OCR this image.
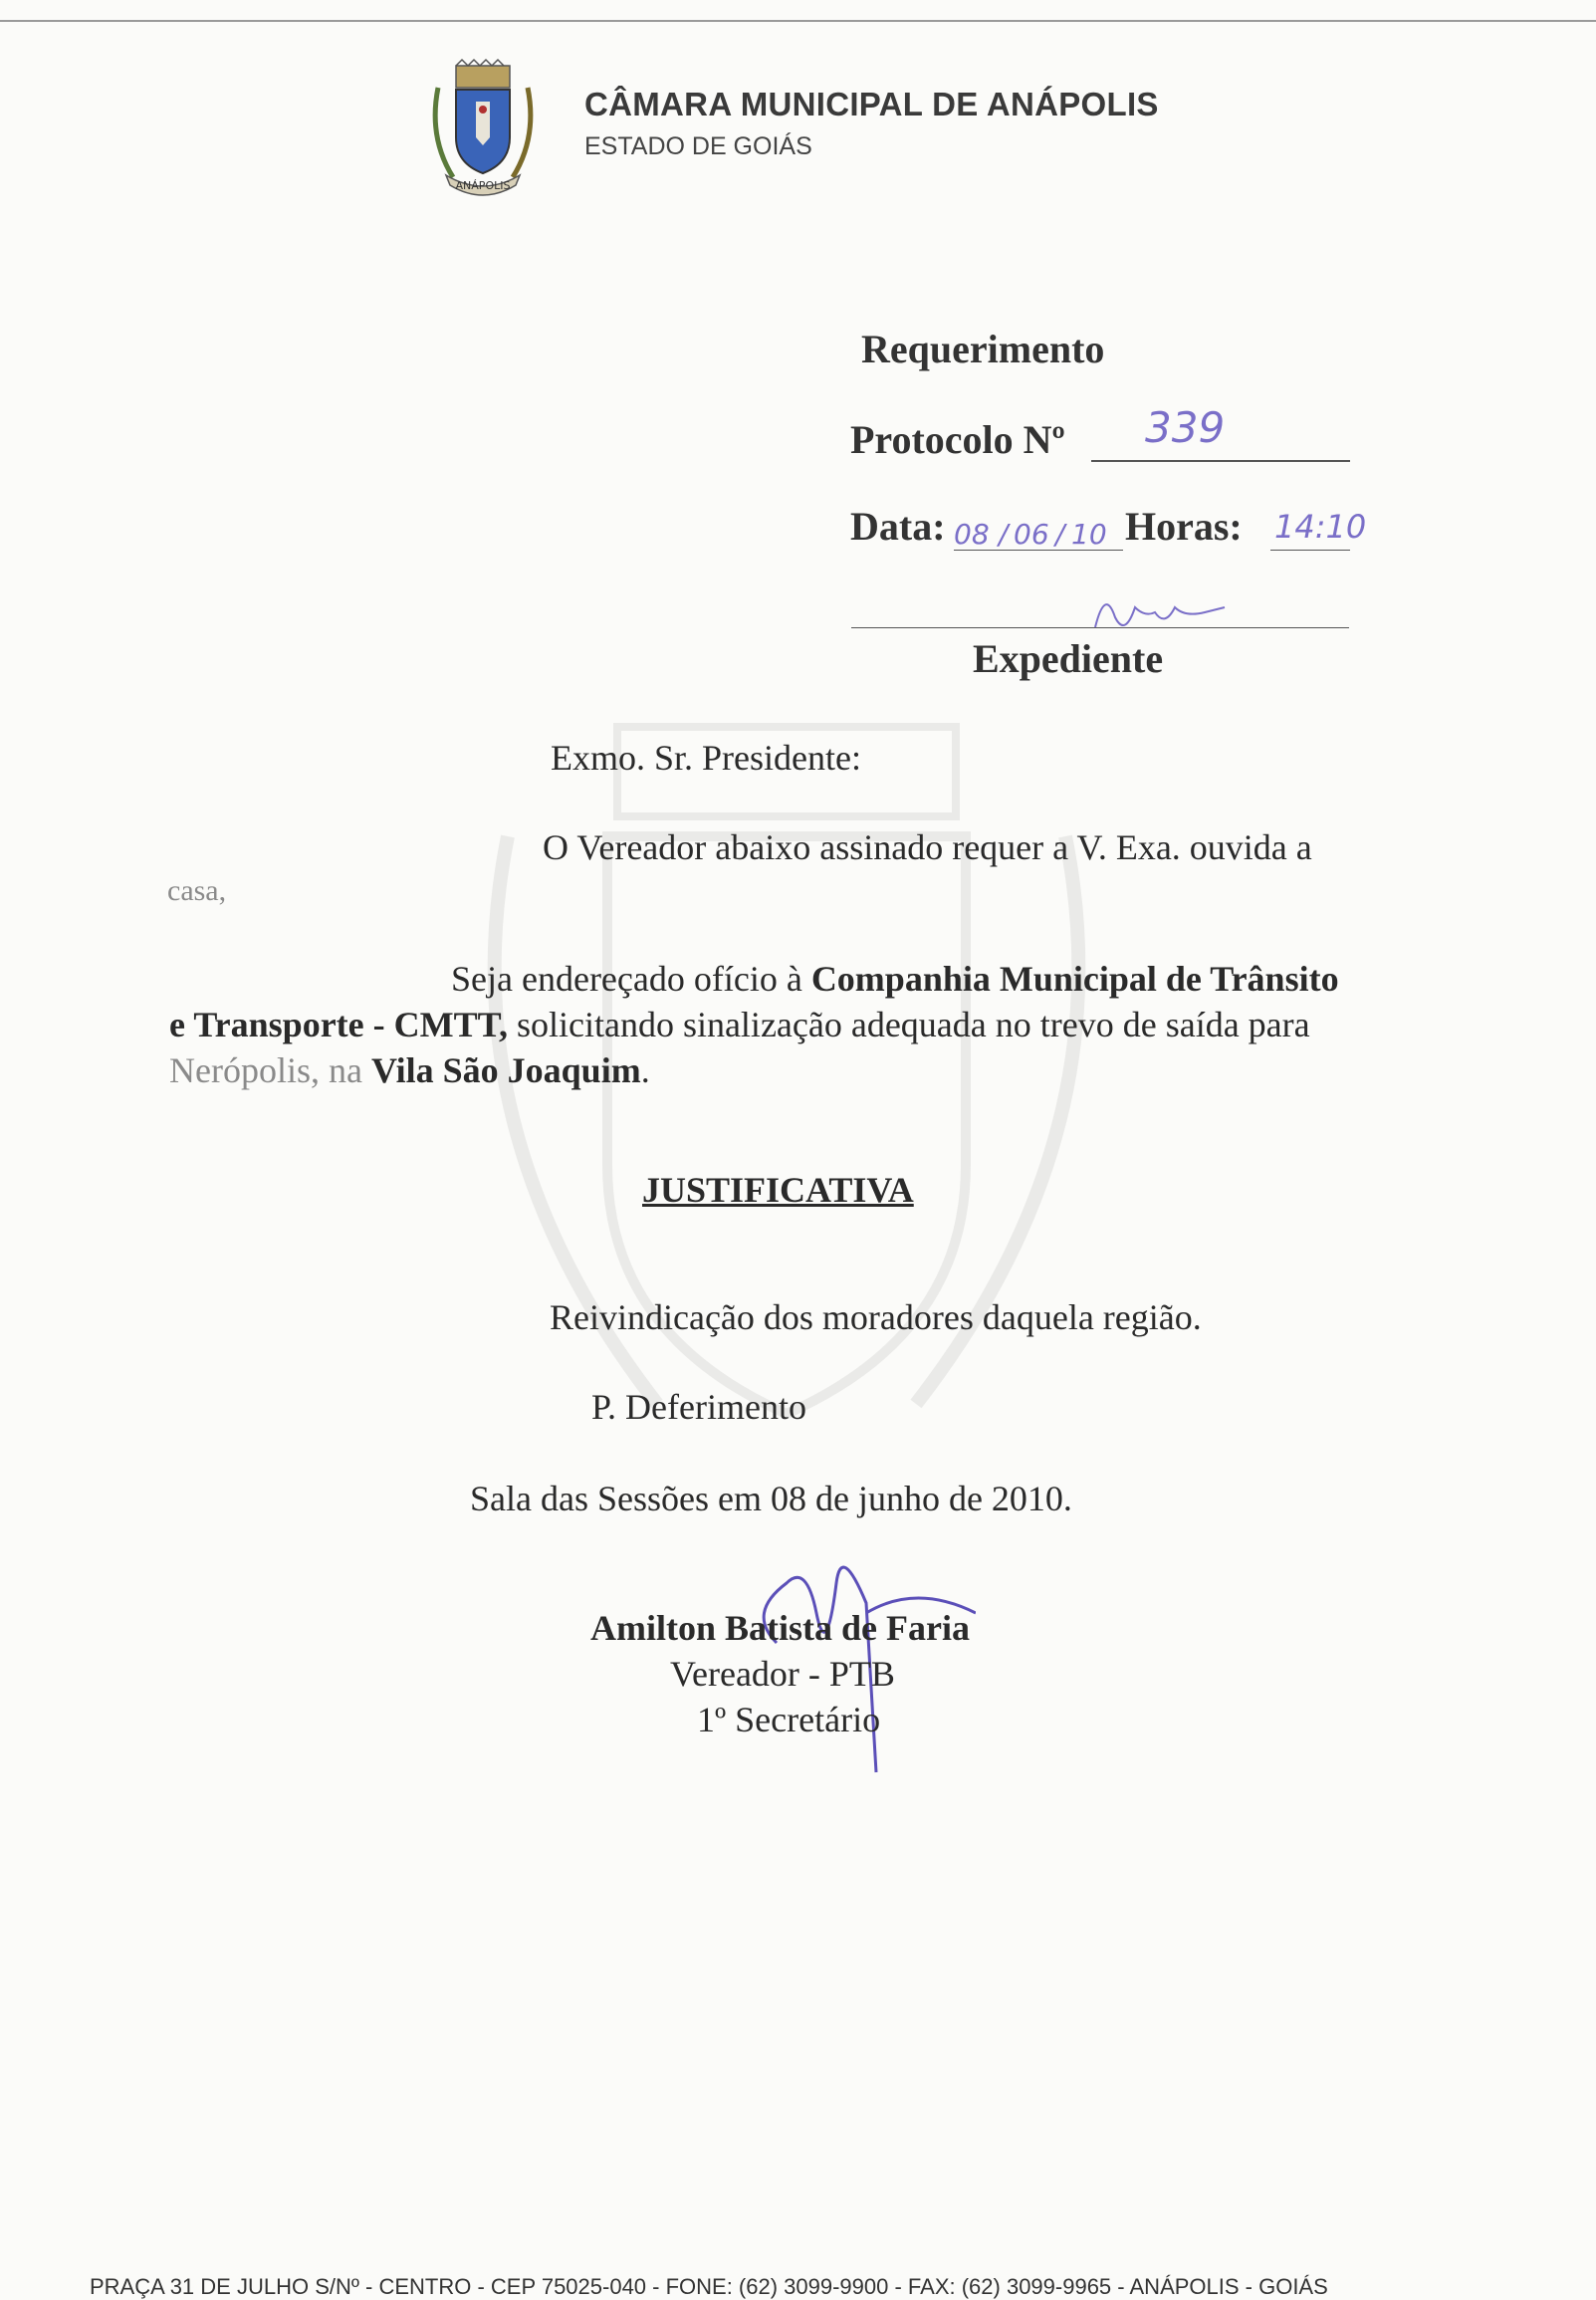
ANÁPOLIS
CÂMARA MUNICIPAL DE ANÁPOLIS
ESTADO DE GOIÁS
Requerimento
Protocolo Nº 339
Data: 08 / 06 / 10 Horas: 14:10
Expediente
Exmo. Sr. Presidente:
O Vereador abaixo assinado requer a V. Exa. ouvida a
casa,
Seja endereçado ofício à Companhia Municipal de Trânsito
e Transporte - CMTT, solicitando sinalização adequada no trevo de saída para
Nerópolis, na Vila São Joaquim.
JUSTIFICATIVA
Reivindicação dos moradores daquela região.
P. Deferimento
Sala das Sessões em 08 de junho de 2010.
Amilton Batista de Faria
Vereador - PTB
1º Secretário
PRAÇA 31 DE JULHO S/Nº - CENTRO - CEP 75025-040 - FONE: (62) 3099-9900 - FAX: (62) 3099-9965 - ANÁPOLIS - GOIÁS
